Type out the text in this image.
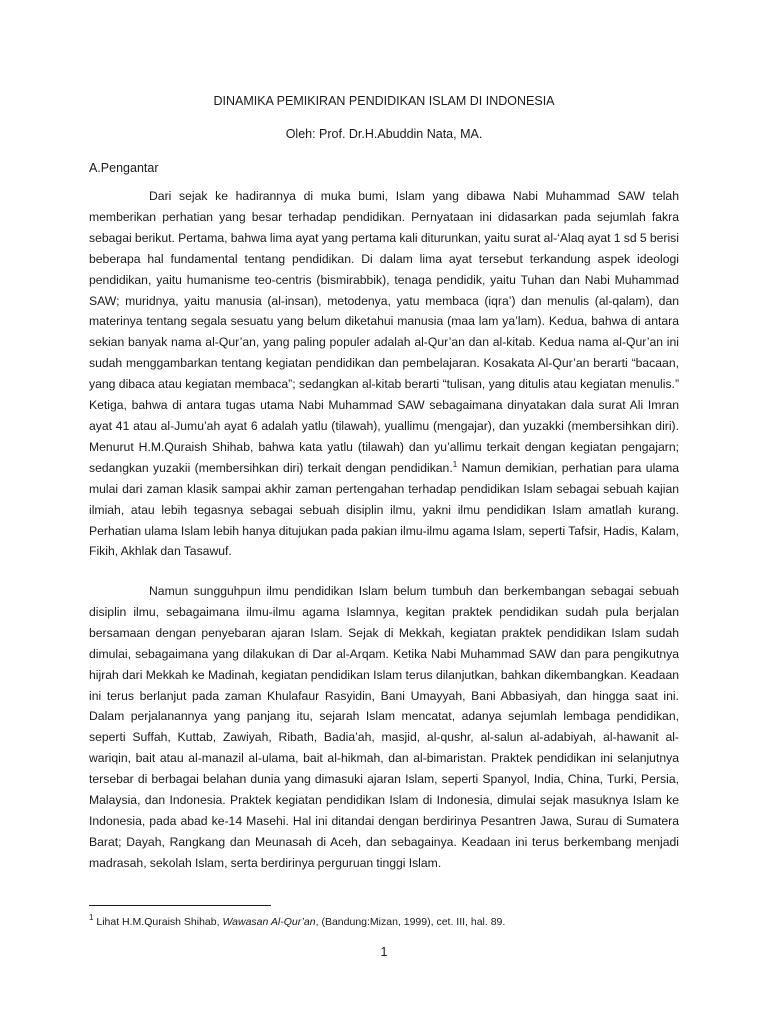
DINAMIKA PEMIKIRAN PENDIDIKAN ISLAM DI INDONESIA
Oleh: Prof. Dr.H.Abuddin Nata, MA.
A.Pengantar

Dari sejak ke hadirannya di muka bumi, Islam yang dibawa Nabi Muhammad SAW telah memberikan perhatian yang besar terhadap pendidikan. Pernyataan ini didasarkan pada sejumlah fakra sebagai berikut. Pertama, bahwa lima ayat yang pertama kali diturunkan, yaitu surat al-‘Alaq ayat 1 sd 5 berisi beberapa hal fundamental tentang pendidikan. Di dalam lima ayat tersebut terkandung aspek ideologi pendidikan, yaitu humanisme teo-centris (bismirabbik), tenaga pendidik, yaitu Tuhan dan Nabi Muhammad SAW; muridnya, yaitu manusia (al-insan), metodenya, yatu membaca (iqra’) dan menulis (al-qalam), dan materinya tentang segala sesuatu yang belum diketahui manusia (maa lam ya’lam). Kedua, bahwa di antara sekian banyak nama al-Qur’an, yang paling populer adalah al-Qur’an dan al-kitab. Kedua nama al-Qur’an ini sudah menggambarkan tentang kegiatan pendidikan dan pembelajaran. Kosakata Al-Qur’an berarti “bacaan, yang dibaca atau kegiatan membaca”; sedangkan al-kitab berarti “tulisan, yang ditulis atau kegiatan menulis.” Ketiga, bahwa di antara tugas utama Nabi Muhammad SAW sebagaimana dinyatakan dala surat Ali Imran ayat 41 atau al-Jumu’ah ayat 6 adalah yatlu (tilawah), yuallimu (mengajar), dan yuzakki (membersihkan diri). Menurut H.M.Quraish Shihab, bahwa kata yatlu (tilawah) dan yu’allimu terkait dengan kegiatan pengajarn; sedangkan yuzakii (membersihkan diri) terkait dengan pendidikan.$^1$ Namun demikian, perhatian para ulama mulai dari zaman klasik sampai akhir zaman pertengahan terhadap pendidikan Islam sebagai sebuah kajian ilmiah, atau lebih tegasnya sebagai sebuah disiplin ilmu, yakni ilmu pendidikan Islam amatlah kurang. Perhatian ulama Islam lebih hanya ditujukan pada pakian ilmu-ilmu agama Islam, seperti Tafsir, Hadis, Kalam, Fikih, Akhlak dan Tasawuf.

Namun sungguhpun ilmu pendidikan Islam belum tumbuh dan berkembangan sebagai sebuah disiplin ilmu, sebagaimana ilmu-ilmu agama Islamnya, kegitan praktek pendidikan sudah pula berjalan bersamaan dengan penyebaran ajaran Islam. Sejak di Mekkah, kegiatan praktek pendidikan Islam sudah dimulai, sebagaimana yang dilakukan di Dar al-Arqam. Ketika Nabi Muhammad SAW dan para pengikutnya hijrah dari Mekkah ke Madinah, kegiatan pendidikan Islam terus dilanjutkan, bahkan dikembangkan. Keadaan ini terus berlanjut pada zaman Khulafaur Rasyidin, Bani Umayyah, Bani Abbasiyah, dan hingga saat ini. Dalam perjalanannya yang panjang itu, sejarah Islam mencatat, adanya sejumlah lembaga pendidikan, seperti Suffah, Kuttab, Zawiyah, Ribath, Badia’ah, masjid, al-qushr, al-salun al-adabiyah, al-hawanit al-wariqin, bait atau al-manazil al-ulama, bait al-hikmah, dan al-bimaristan. Praktek pendidikan ini selanjutnya tersebar di berbagai belahan dunia yang dimasuki ajaran Islam, seperti Spanyol, India, China, Turki, Persia, Malaysia, dan Indonesia. Praktek kegiatan pendidikan Islam di Indonesia, dimulai sejak masuknya Islam ke Indonesia, pada abad ke-14 Masehi. Hal ini ditandai dengan berdirinya Pesantren Jawa, Surau di Sumatera Barat; Dayah, Rangkang dan Meunasah di Aceh, dan sebagainya. Keadaan ini terus berkembang menjadi madrasah, sekolah Islam, serta berdirinya perguruan tinggi Islam.

$^1$ Lihat H.M.Quraish Shihab, Wawasan Al-Qur’an, (Bandung:Mizan, 1999), cet. III, hal. 89.
1
